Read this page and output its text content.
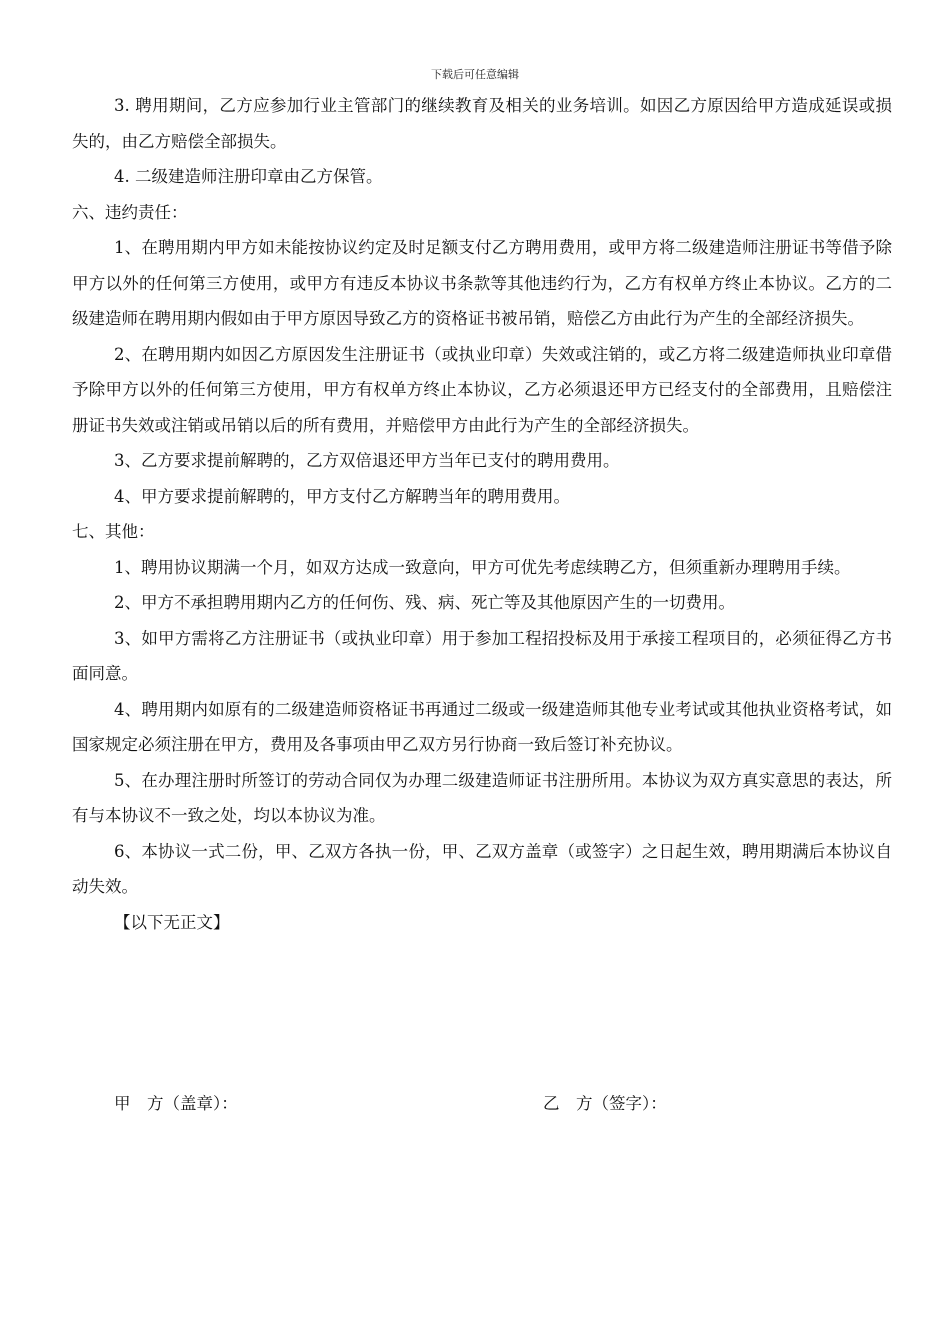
下载后可任意编辑

3. 聘用期间，乙方应参加行业主管部门的继续教育及相关的业务培训。如因乙方原因给甲方造成延误或损失的，由乙方赔偿全部损失。

4. 二级建造师注册印章由乙方保管。

六、违约责任：

1、在聘用期内甲方如未能按协议约定及时足额支付乙方聘用费用，或甲方将二级建造师注册证书等借予除甲方以外的任何第三方使用，或甲方有违反本协议书条款等其他违约行为，乙方有权单方终止本协议。乙方的二级建造师在聘用期内假如由于甲方原因导致乙方的资格证书被吊销，赔偿乙方由此行为产生的全部经济损失。

2、在聘用期内如因乙方原因发生注册证书（或执业印章）失效或注销的，或乙方将二级建造师执业印章借予除甲方以外的任何第三方使用，甲方有权单方终止本协议，乙方必须退还甲方已经支付的全部费用，且赔偿注册证书失效或注销或吊销以后的所有费用，并赔偿甲方由此行为产生的全部经济损失。

3、乙方要求提前解聘的，乙方双倍退还甲方当年已支付的聘用费用。

4、甲方要求提前解聘的，甲方支付乙方解聘当年的聘用费用。

七、其他：

1、聘用协议期满一个月，如双方达成一致意向，甲方可优先考虑续聘乙方，但须重新办理聘用手续。

2、甲方不承担聘用期内乙方的任何伤、残、病、死亡等及其他原因产生的一切费用。

3、如甲方需将乙方注册证书（或执业印章）用于参加工程招投标及用于承接工程项目的，必须征得乙方书面同意。

4、聘用期内如原有的二级建造师资格证书再通过二级或一级建造师其他专业考试或其他执业资格考试，如国家规定必须注册在甲方，费用及各事项由甲乙双方另行协商一致后签订补充协议。

5、在办理注册时所签订的劳动合同仅为办理二级建造师证书注册所用。本协议为双方真实意思的表达，所有与本协议不一致之处，均以本协议为准。

6、本协议一式二份，甲、乙双方各执一份，甲、乙双方盖章（或签字）之日起生效，聘用期满后本协议自动失效。

【以下无正文】

甲　方（盖章）：	乙　方（签字）：
